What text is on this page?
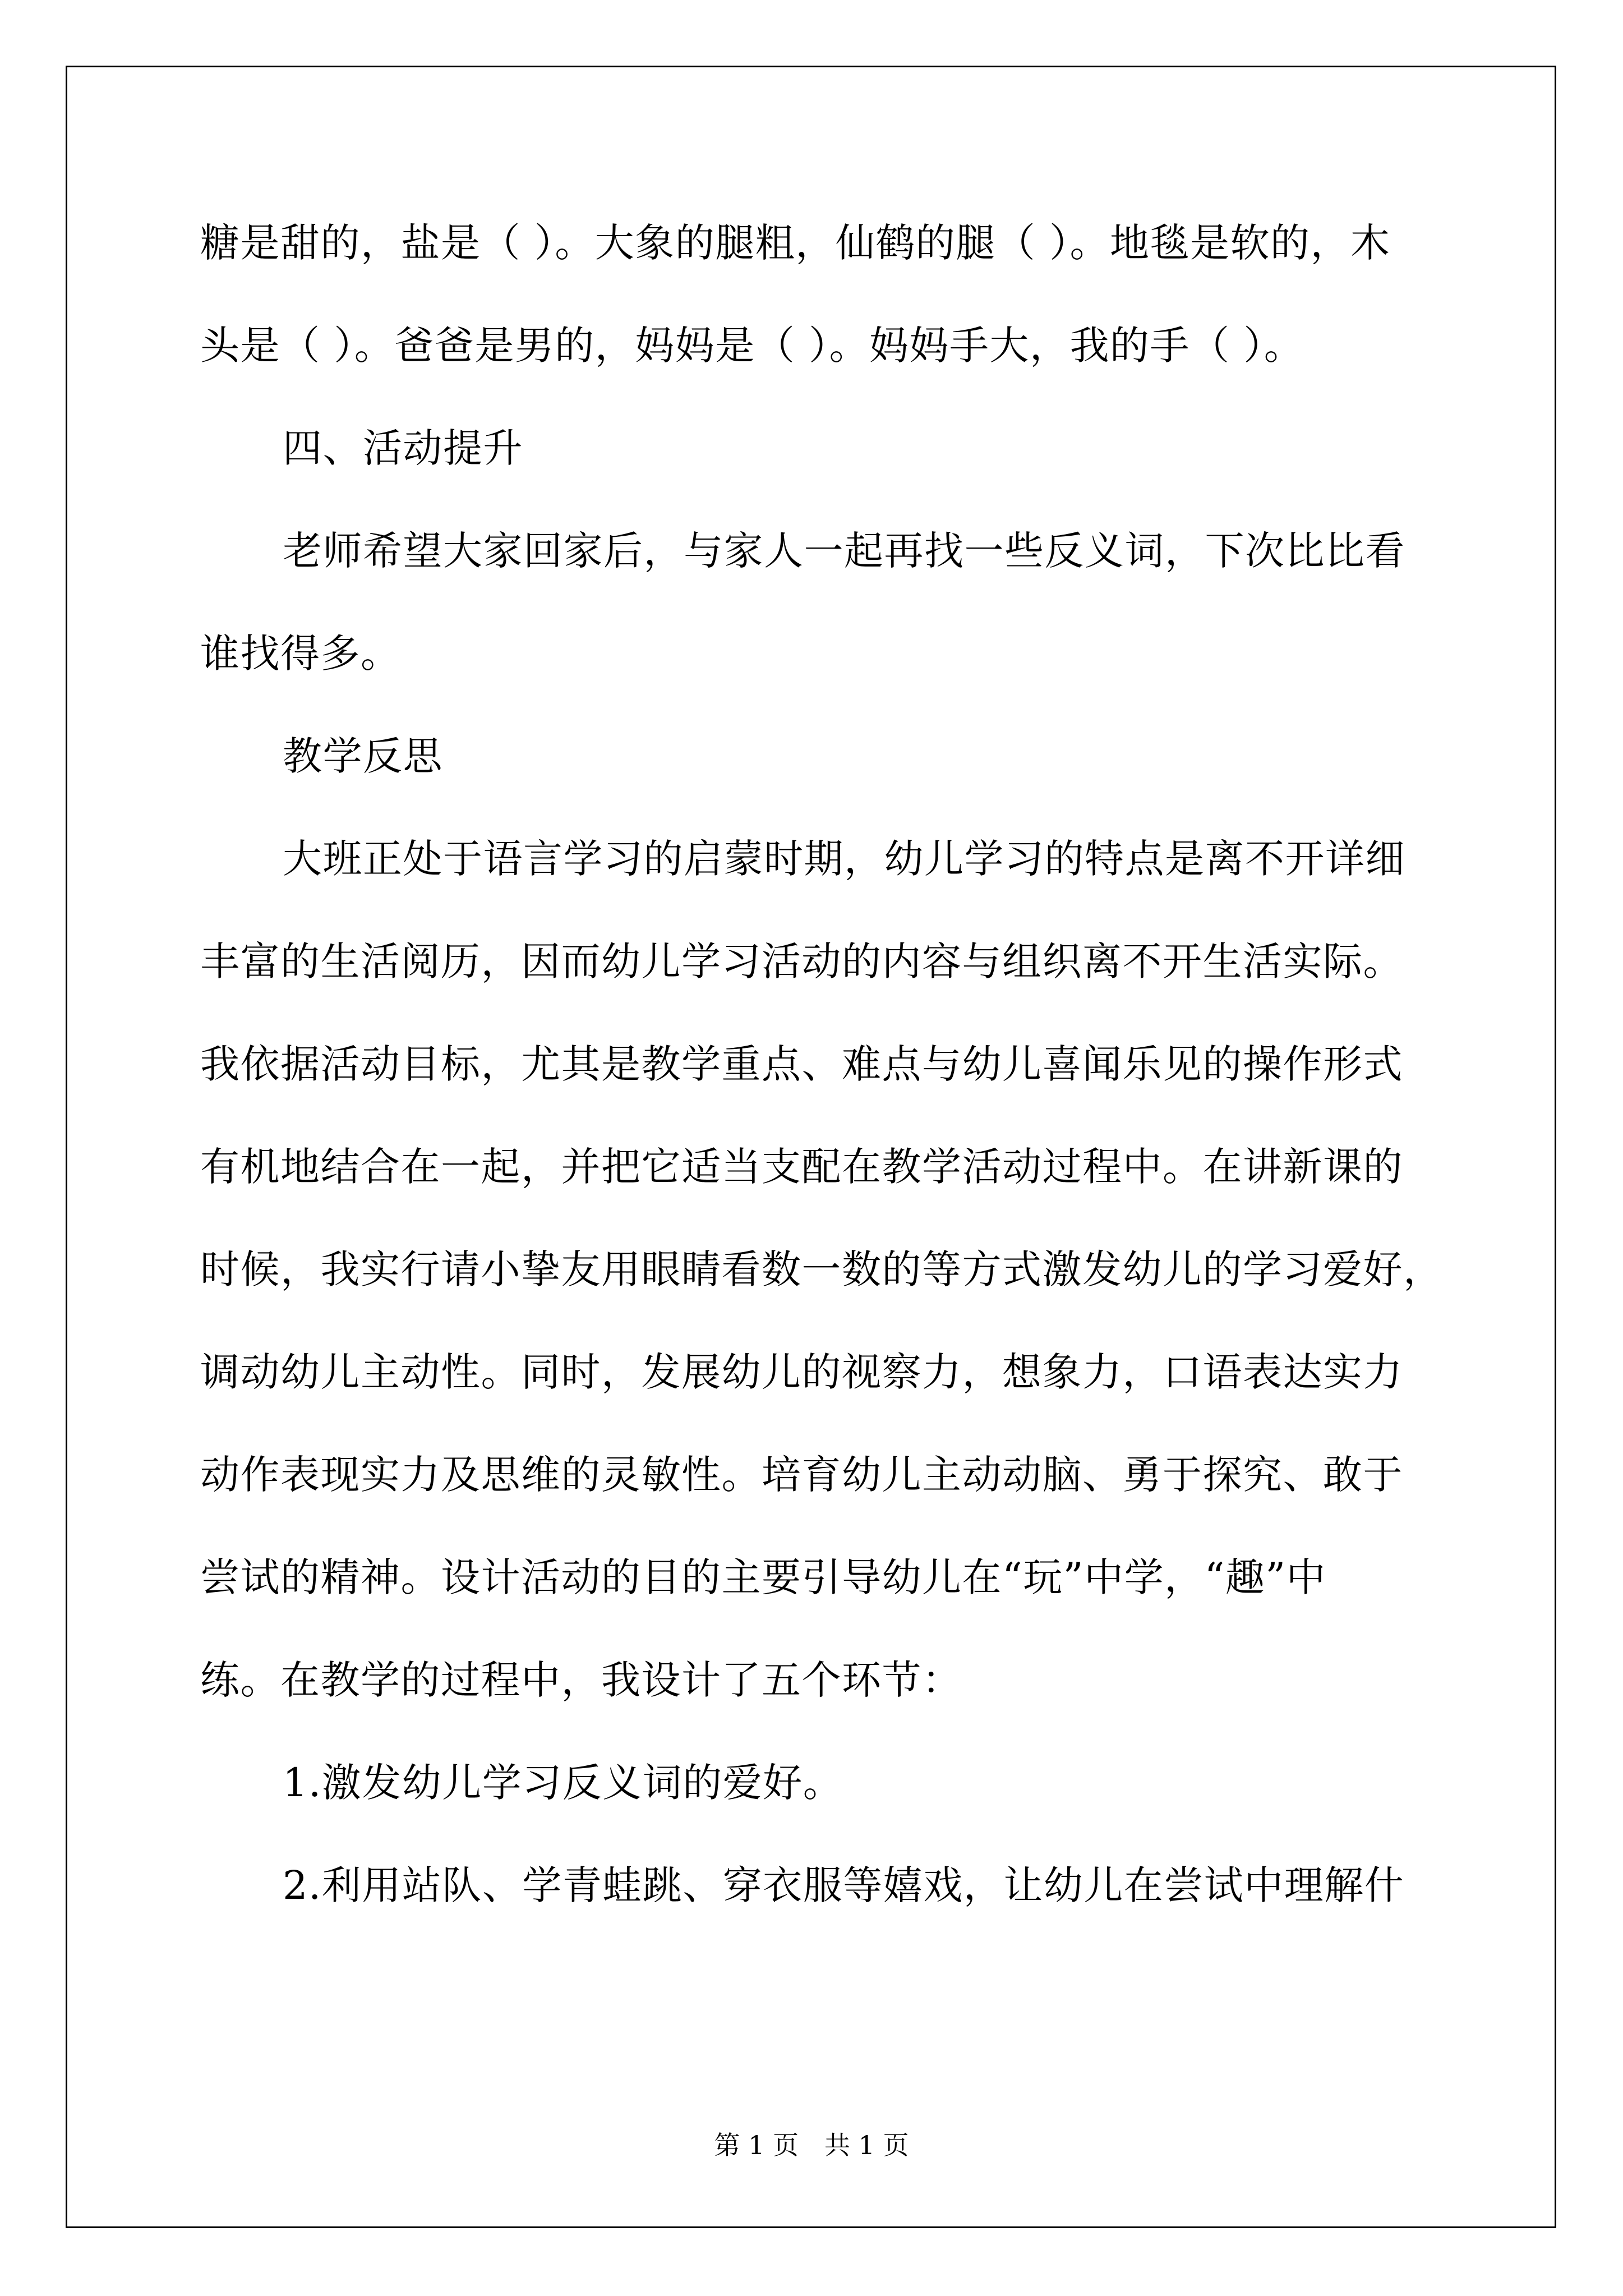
糖是甜的，盐是（ ）。大象的腿粗，仙鹤的腿（ ）。地毯是软的，木
头是（ ）。爸爸是男的，妈妈是（ ）。妈妈手大，我的手（ ）。
四、活动提升
老师希望大家回家后，与家人一起再找一些反义词，下次比比看
谁找得多。
教学反思
大班正处于语言学习的启蒙时期，幼儿学习的特点是离不开详细
丰富的生活阅历，因而幼儿学习活动的内容与组织离不开生活实际。
我依据活动目标，尤其是教学重点、难点与幼儿喜闻乐见的操作形式
有机地结合在一起，并把它适当支配在教学活动过程中。在讲新课的
时候，我实行请小挚友用眼睛看数一数的等方式激发幼儿的学习爱好，
调动幼儿主动性。同时，发展幼儿的视察力，想象力，口语表达实力
动作表现实力及思维的灵敏性。培育幼儿主动动脑、勇于探究、敢于
尝试的精神。设计活动的目的主要引导幼儿在“玩”中学，“趣”中
练。在教学的过程中，我设计了五个环节：
1.激发幼儿学习反义词的爱好。
2.利用站队、学青蛙跳、穿衣服等嬉戏，让幼儿在尝试中理解什
第 1 页　共 1 页
